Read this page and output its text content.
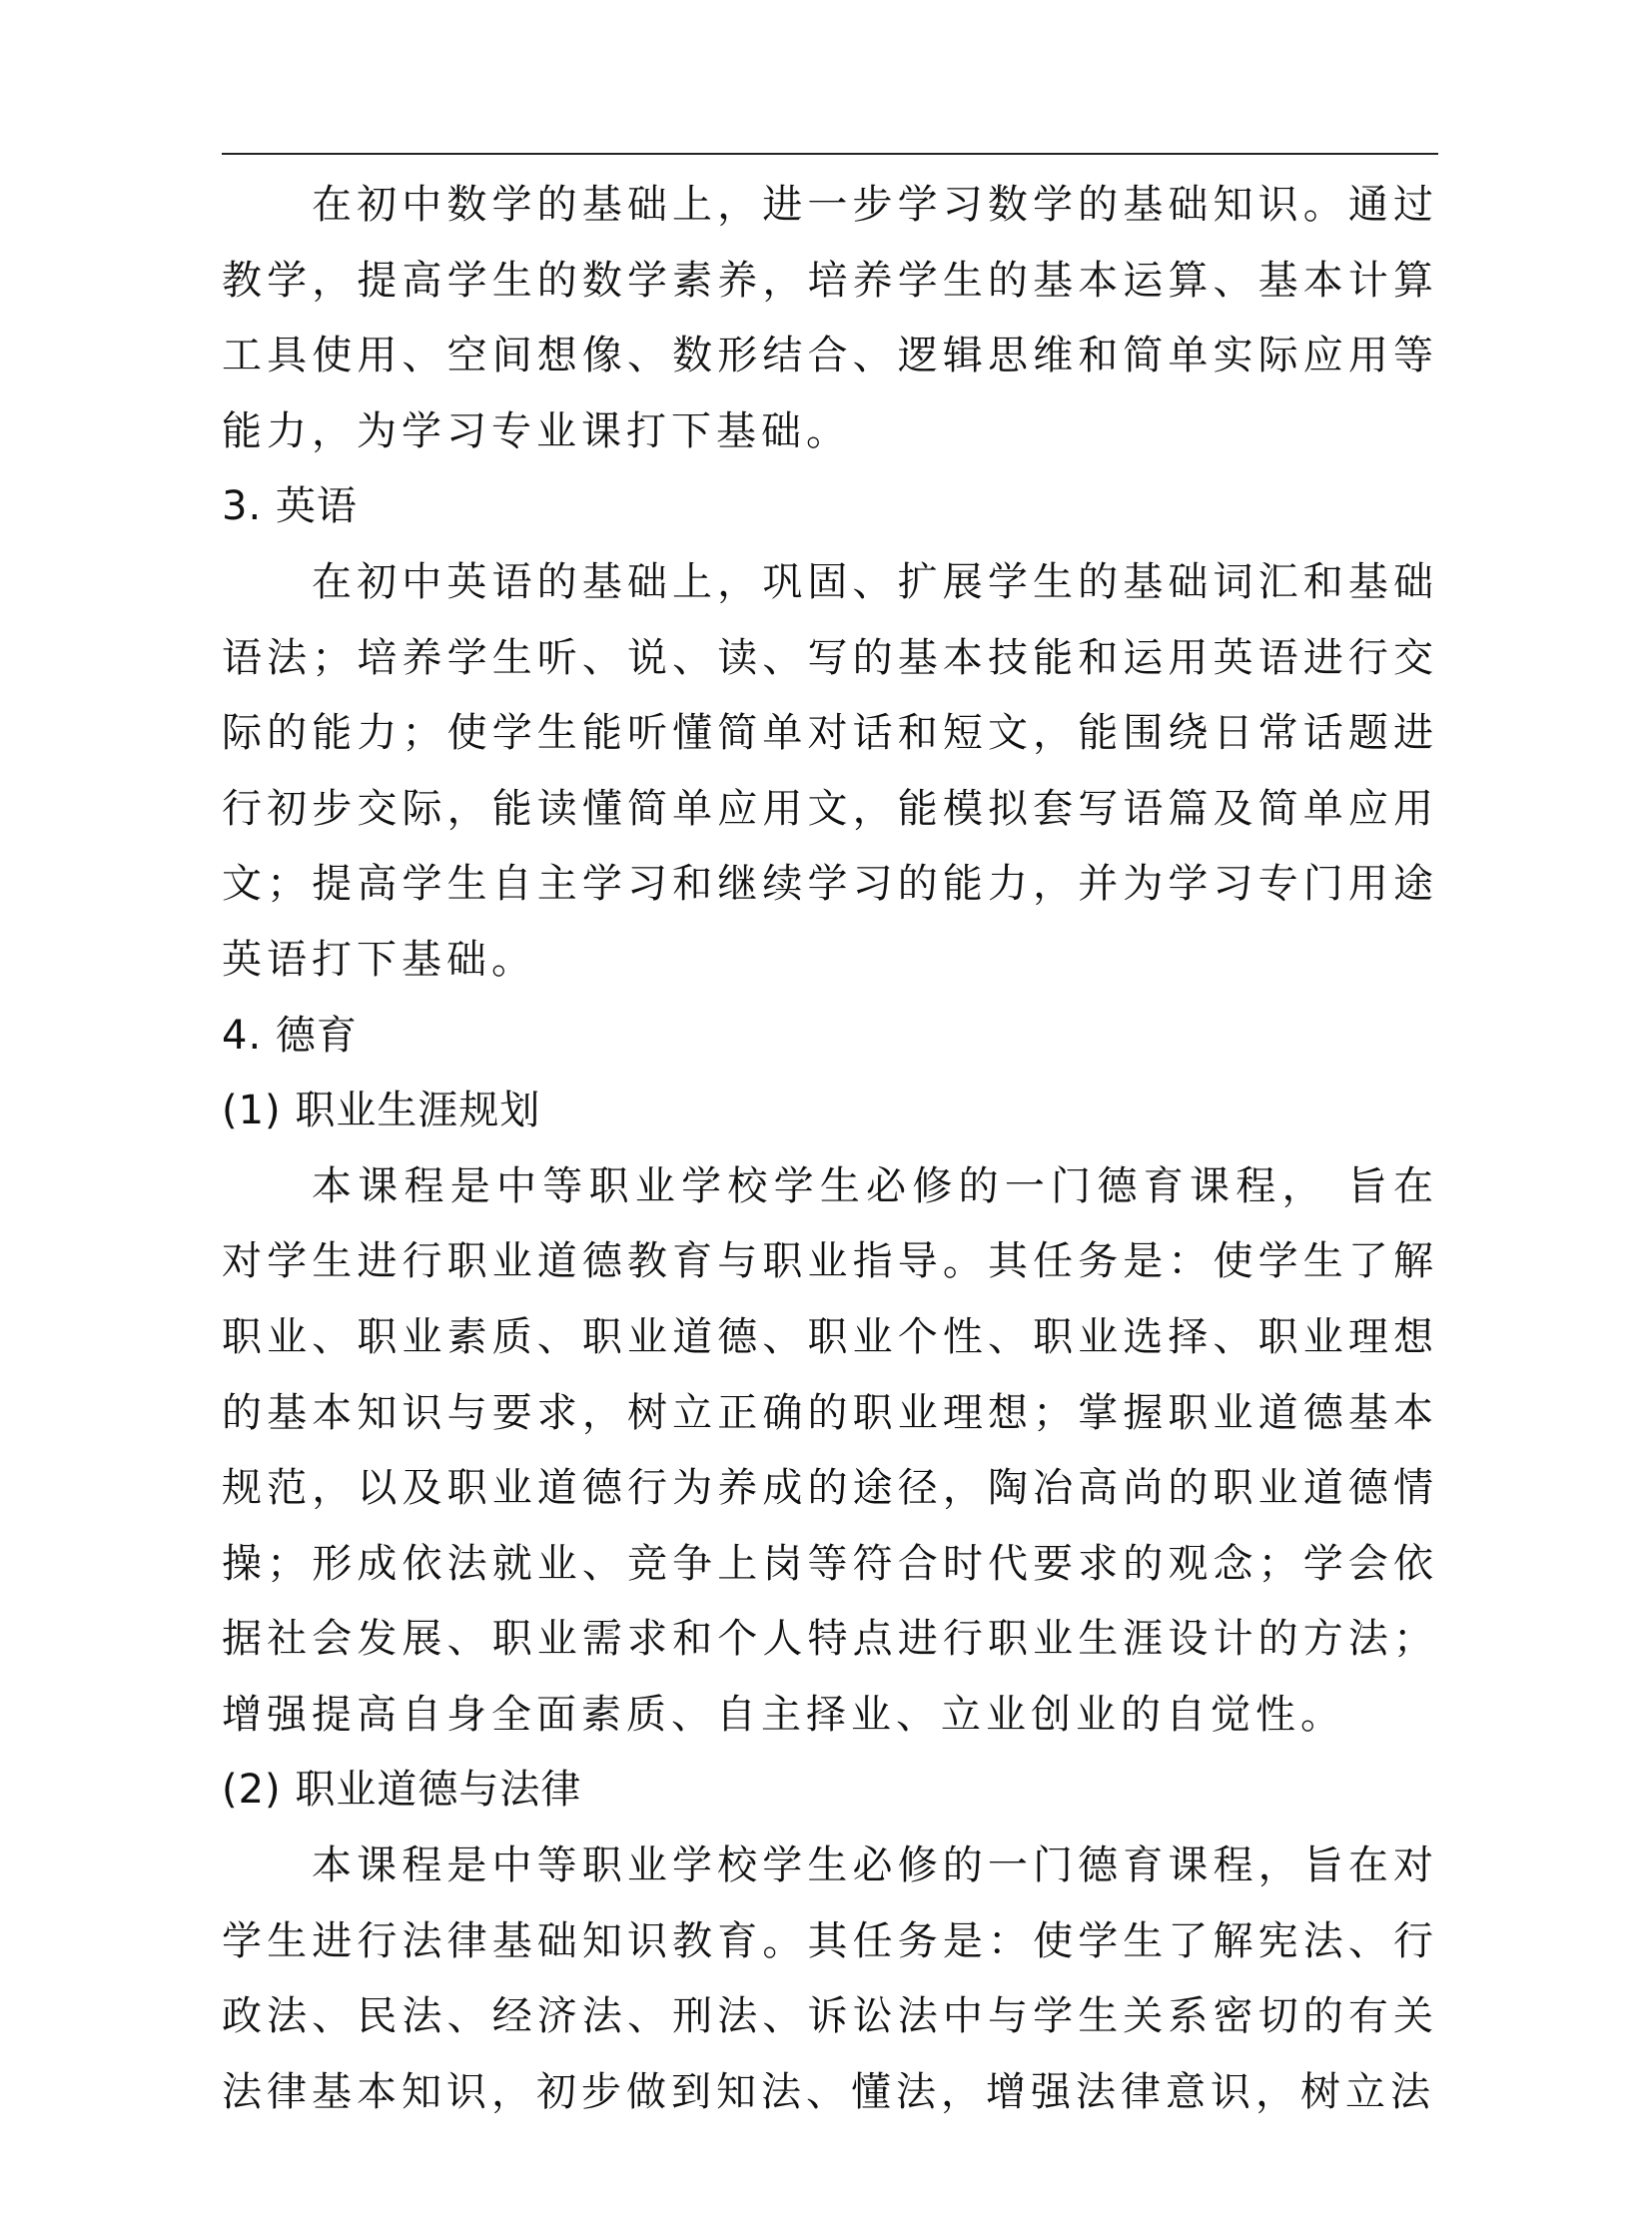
在初中数学的基础上，进一步学习数学的基础知识。通过教学，提高学生的数学素养，培养学生的基本运算、基本计算工具使用、空间想像、数形结合、逻辑思维和简单实际应用等能力，为学习专业课打下基础。

3. 英语

在初中英语的基础上，巩固、扩展学生的基础词汇和基础语法；培养学生听、说、读、写的基本技能和运用英语进行交际的能力；使学生能听懂简单对话和短文，能围绕日常话题进行初步交际，能读懂简单应用文，能模拟套写语篇及简单应用文；提高学生自主学习和继续学习的能力，并为学习专门用途英语打下基础。

4. 德育

(1) 职业生涯规划

本课程是中等职业学校学生必修的一门德育课程， 旨在对学生进行职业道德教育与职业指导。其任务是：使学生了解职业、职业素质、职业道德、职业个性、职业选择、职业理想的基本知识与要求，树立正确的职业理想；掌握职业道德基本规范，以及职业道德行为养成的途径，陶冶高尚的职业道德情操；形成依法就业、竞争上岗等符合时代要求的观念；学会依据社会发展、职业需求和个人特点进行职业生涯设计的方法；增强提高自身全面素质、自主择业、立业创业的自觉性。

(2) 职业道德与法律

本课程是中等职业学校学生必修的一门德育课程，旨在对学生进行法律基础知识教育。其任务是：使学生了解宪法、行政法、民法、经济法、刑法、诉讼法中与学生关系密切的有关法律基本知识，初步做到知法、懂法，增强法律意识，树立法
